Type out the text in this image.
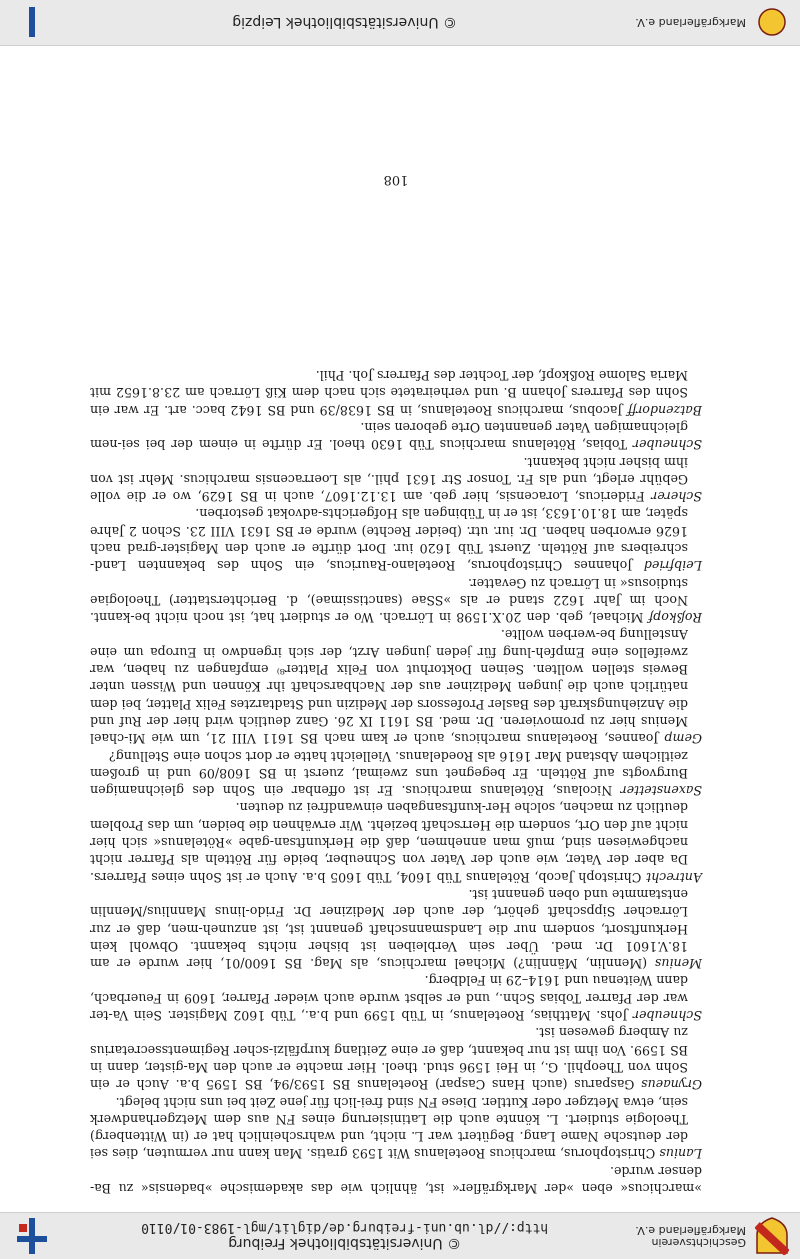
Geschichtsverein
Markgräflerland e.V.
© Universitätsbibliothek Freiburg
http://dl.ub.uni-freiburg.de/diglit/mgl-1983-01/0110

»marchicus« eben »der Markgräfler« ist, ähnlich wie das akademische »badensis« zu Ba-denser wurde.

Lanius Christophorus, marchicus Roetelanus Wit 1593 gratis. Man kann nur vermuten, dies sei der deutsche Name Lang. Begütert war L. nicht, und wahrscheinlich hat er (in Wittenberg) Theologie studiert. L. könnte auch die Latinisierung eines FN aus dem Metzgerhandwerk sein, etwa Metzger oder Kuttler. Diese FN sind frei-lich für jene Zeit bei uns nicht belegt.

Grynaeus Gasparus (auch Hans Caspar) Roetelanus BS 1593/94, BS 1595 b.a. Auch er ein Sohn von Theophil. G., in Hei 1596 stud. theol. Hier machte er auch den Ma-gister, dann in BS 1599. Von ihm ist nur bekannt, daß er eine Zeitlang kurpfälzi-scher Regimentssecretarius zu Amberg gewesen ist.

Schneuber Johs. Matthias, Roetelanus, in Tüb 1599 und b.a., Tüb 1602 Magister. Sein Va-ter war der Pfarrer Tobias Schn., und er selbst wurde auch wieder Pfarrer, 1609 in Feuerbach, dann Weitenau und 1614–29 in Feldberg.

Menius (Mennlin, Männlin?) Michael marchicus, als Mag. BS 1600/01, hier wurde er am 18.V.1601 Dr. med. Über sein Verbleiben ist bisher nichts bekannt. Obwohl kein Herkunftsort, sondern nur die Landsmannschaft genannt ist, ist anzuneh-men, daß er zur Lörracher Sippschaft gehört, der auch der Mediziner Dr. Frido-linus Mannlius/Mennlin entstammte und oben genannt ist.

Antrecht Christoph Jacob, Rötelanus Tüb 1604, Tüb 1605 b.a. Auch er ist Sohn eines Pfarrers. Da aber der Vater, wie auch der Vater von Schneuber, beide für Rötteln als Pfarrer nicht nachgewiesen sind, muß man annehmen, daß die Herkunftsan-gabe »Rötelanus« sich hier nicht auf den Ort, sondern die Herrschaft bezieht. Wir erwähnen die beiden, um das Problem deutlich zu machen, solche Her-kunftsangaben einwandfrei zu deuten.

Saxenstetter Nicolaus, Rötelanus marchicus. Er ist offenbar ein Sohn des gleichnamigen Burgvogts auf Rötteln. Er begegnet uns zweimal, zuerst in BS 1608/09 und in großem zeitlichem Abstand Mar 1616 als Roedelanus. Vielleicht hatte er dort schon eine Stellung?

Gemp Joannes, Roetelanus marchicus, auch er kam nach BS 1611 VIII 21, um wie Mi-chael Menius hier zu promovieren. Dr. med. BS 1611 IX 26. Ganz deutlich wird hier der Ruf und die Anziehungskraft des Basler Professors der Medizin und Stadtarztes Felix Platter, bei dem natürlich auch die jungen Mediziner aus der Nachbarschaft ihr Können und Wissen unter Beweis stellen wollten. Seinen Doktorhut von Felix Platter⁸⁾ empfangen zu haben, war zweifellos eine Empfeh-lung für jeden jungen Arzt, der sich irgendwo in Europa um eine Anstellung be-werben wollte.

Roßkopf Michael, geb. den 20.X.1598 in Lörrach. Wo er studiert hat, ist noch nicht be-kannt. Noch im Jahr 1622 stand er als »SSae (sanctissimae), d. Berichterstatter) Theologiae studiosus« in Lörrach zu Gevatter.

Leibfried Johannes Christophorus, Roetelano-Rauricus, ein Sohn des bekannten Land-schreibers auf Rötteln. Zuerst Tüb 1620 iur. Dort dürfte er auch den Magister-grad nach 1626 erworben haben. Dr. iur. utr. (beider Rechte) wurde er BS 1631 VIII 23. Schon 2 Jahre später, am 18.10.1633, ist er in Tübingen als Hofgerichts-advokat gestorben.

Scherer Fridericus, Loracensis, hier geb. am 13.12.1607, auch in BS 1629, wo er die volle Gebühr erlegt, und als Fr. Tonsor Str 1631 phil., als Loerracensis marchicus. Mehr ist von ihm bisher nicht bekannt.

Schneuber Tobias, Rötelanus marchicus Tüb 1630 theol. Er dürfte in einem der bei sei-nem gleichnamigen Vater genannten Orte geboren sein.

Batzendorff Jacobus, marchicus Roetelanus, in BS 1638/39 und BS 1642 bacc. art. Er war ein Sohn des Pfarrers Johann B. und verheiratete sich nach dem Kiß Lörrach am 23.8.1652 mit Maria Salome Roßkopf, der Tochter des Pfarrers Joh. Phil.

108
Markgräflerland e.V.
© Universitätsbibliothek Leipzig
